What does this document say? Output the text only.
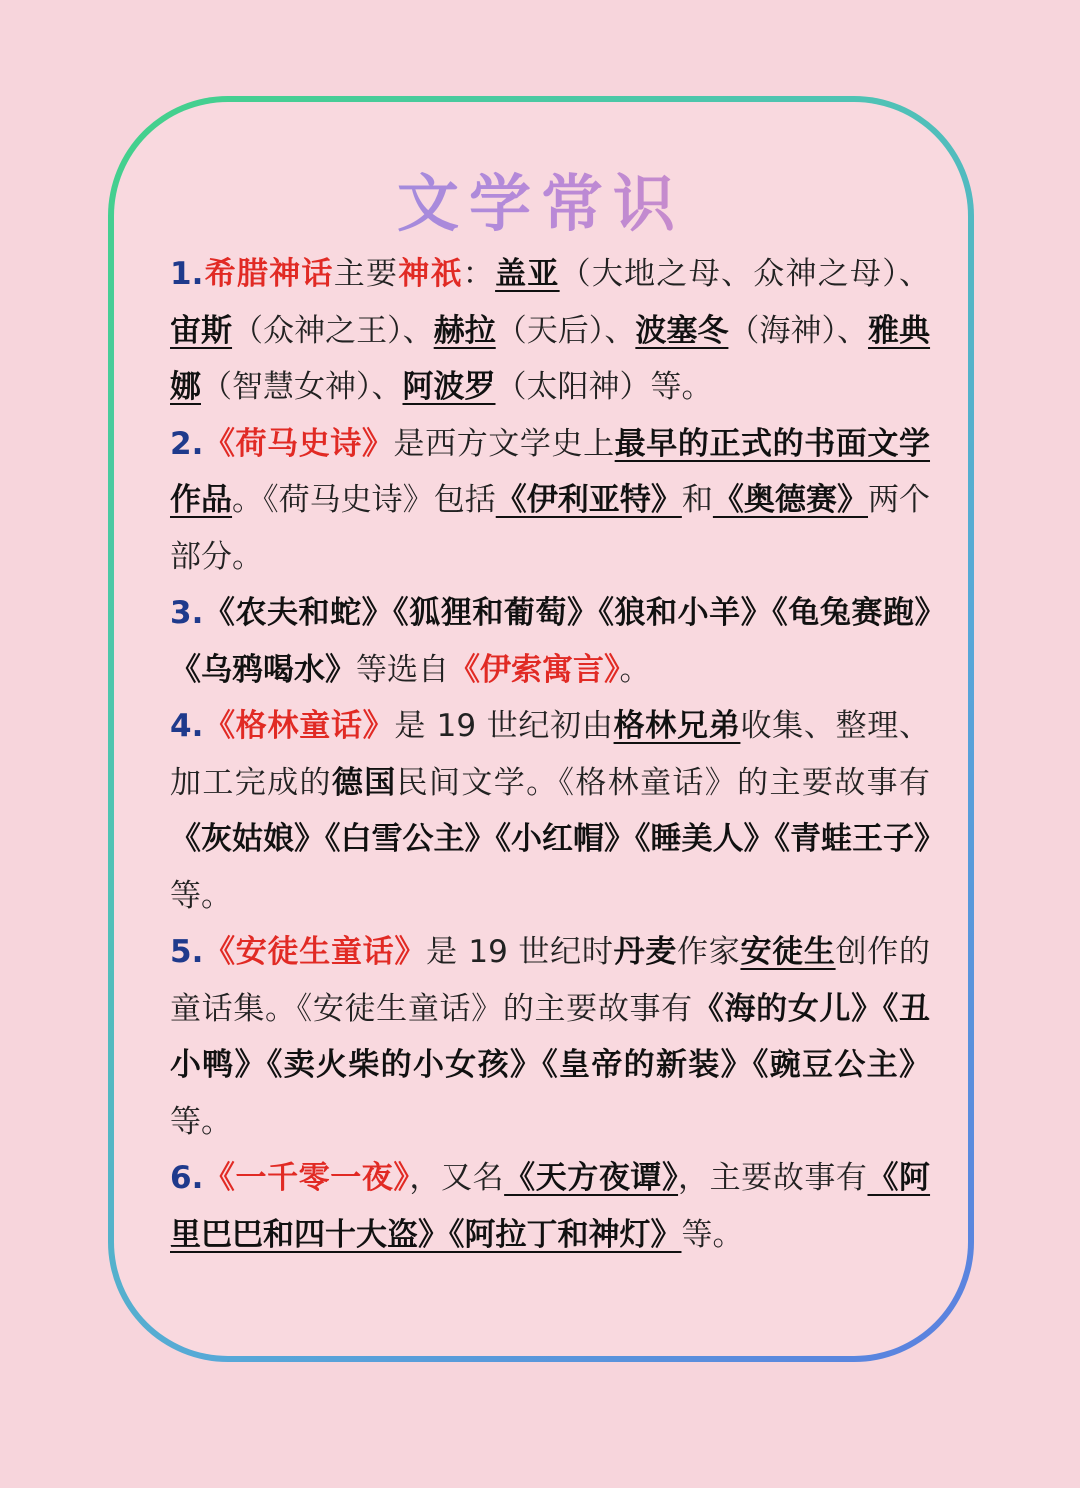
文学常识

1.希腊神话主要神祇：盖亚（大地之母、众神之母）、宙斯（众神之王）、赫拉（天后）、波塞冬（海神）、雅典娜（智慧女神）、阿波罗（太阳神）等。

2.《荷马史诗》是西方文学史上最早的正式的书面文学作品。《荷马史诗》包括《伊利亚特》和《奥德赛》两个部分。

3.《农夫和蛇》《狐狸和葡萄》《狼和小羊》《龟兔赛跑》《乌鸦喝水》等选自《伊索寓言》。

4.《格林童话》是 19 世纪初由格林兄弟收集、整理、加工完成的德国民间文学。《格林童话》的主要故事有《灰姑娘》《白雪公主》《小红帽》《睡美人》《青蛙王子》等。

5.《安徒生童话》是 19 世纪时丹麦作家安徒生创作的童话集。《安徒生童话》的主要故事有《海的女儿》《丑小鸭》《卖火柴的小女孩》《皇帝的新装》《豌豆公主》等。

6.《一千零一夜》，又名《天方夜谭》，主要故事有《阿里巴巴和四十大盗》《阿拉丁和神灯》等。
